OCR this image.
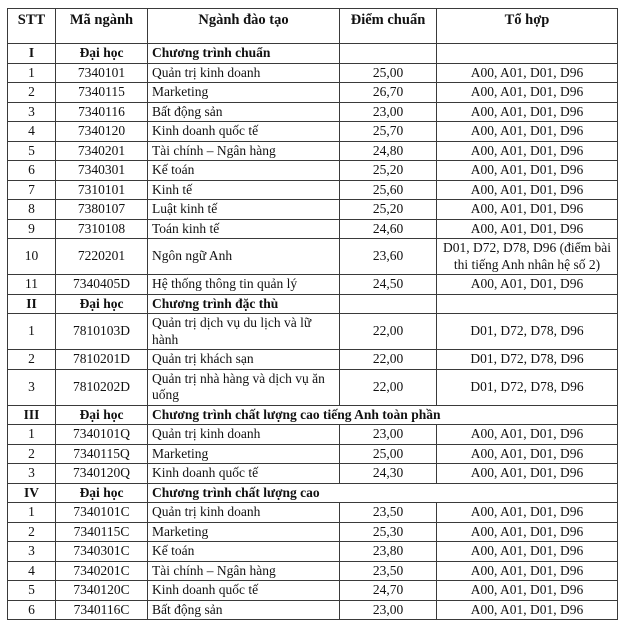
STT	Mã ngành	Ngành đào tạo	Điểm chuẩn	Tổ hợp
I	Đại học	Chương trình chuẩn		
1	7340101	Quản trị kinh doanh	25,00	A00, A01, D01, D96
2	7340115	Marketing	26,70	A00, A01, D01, D96
3	7340116	Bất động sản	23,00	A00, A01, D01, D96
4	7340120	Kinh doanh quốc tế	25,70	A00, A01, D01, D96
5	7340201	Tài chính – Ngân hàng	24,80	A00, A01, D01, D96
6	7340301	Kế toán	25,20	A00, A01, D01, D96
7	7310101	Kinh tế	25,60	A00, A01, D01, D96
8	7380107	Luật kinh tế	25,20	A00, A01, D01, D96
9	7310108	Toán kinh tế	24,60	A00, A01, D01, D96
10	7220201	Ngôn ngữ Anh	23,60	D01, D72, D78, D96 (điểm bài thi tiếng Anh nhân hệ số 2)
11	7340405D	Hệ thống thông tin quản lý	24,50	A00, A01, D01, D96
II	Đại học	Chương trình đặc thù		
1	7810103D	Quản trị dịch vụ du lịch và lữ hành	22,00	D01, D72, D78, D96
2	7810201D	Quản trị khách sạn	22,00	D01, D72, D78, D96
3	7810202D	Quản trị nhà hàng và dịch vụ ăn uống	22,00	D01, D72, D78, D96
III	Đại học	Chương trình chất lượng cao tiếng Anh toàn phần		
1	7340101Q	Quản trị kinh doanh	23,00	A00, A01, D01, D96
2	7340115Q	Marketing	25,00	A00, A01, D01, D96
3	7340120Q	Kinh doanh quốc tế	24,30	A00, A01, D01, D96
IV	Đại học	Chương trình chất lượng cao		
1	7340101C	Quản trị kinh doanh	23,50	A00, A01, D01, D96
2	7340115C	Marketing	25,30	A00, A01, D01, D96
3	7340301C	Kế toán	23,80	A00, A01, D01, D96
4	7340201C	Tài chính – Ngân hàng	23,50	A00, A01, D01, D96
5	7340120C	Kinh doanh quốc tế	24,70	A00, A01, D01, D96
6	7340116C	Bất động sản	23,00	A00, A01, D01, D96
